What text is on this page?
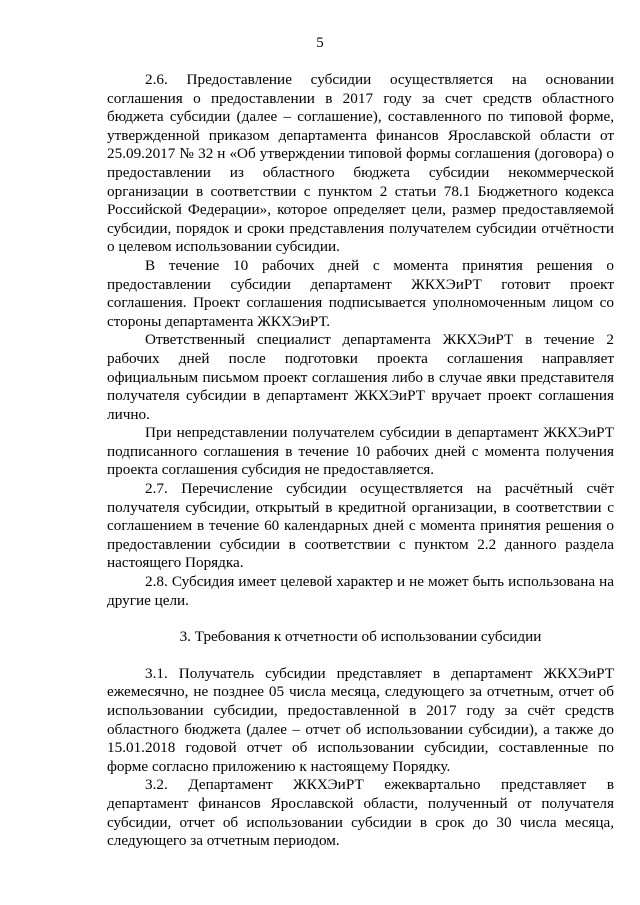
5

2.6. Предоставление субсидии осуществляется на основании соглашения о предоставлении в 2017 году за счет средств областного бюджета субсидии (далее – соглашение), составленного по типовой форме, утвержденной приказом департамента финансов Ярославской области от 25.09.2017 № 32 н «Об утверждении типовой формы соглашения (договора) о предоставлении из областного бюджета субсидии некоммерческой организации в соответствии с пунктом 2 статьи 78.1 Бюджетного кодекса Российской Федерации», которое определяет цели, размер предоставляемой субсидии, порядок и сроки представления получателем субсидии отчётности о целевом использовании субсидии.

В течение 10 рабочих дней с момента принятия решения о предоставлении субсидии департамент ЖКХЭиРТ готовит проект соглашения. Проект соглашения подписывается уполномоченным лицом со стороны департамента ЖКХЭиРТ.

Ответственный специалист департамента ЖКХЭиРТ в течение 2 рабочих дней после подготовки проекта соглашения направляет официальным письмом проект соглашения либо в случае явки представителя получателя субсидии в департамент ЖКХЭиРТ вручает проект соглашения лично.

При непредставлении получателем субсидии в департамент ЖКХЭиРТ подписанного соглашения в течение 10 рабочих дней с момента получения проекта соглашения субсидия не предоставляется.

2.7. Перечисление субсидии осуществляется на расчётный счёт получателя субсидии, открытый в кредитной организации, в соответствии с соглашением в течение 60 календарных дней с момента принятия решения о предоставлении субсидии в соответствии с пунктом 2.2 данного раздела настоящего Порядка.

2.8. Субсидия имеет целевой характер и не может быть использована на другие цели.

3. Требования к отчетности об использовании субсидии

3.1. Получатель субсидии представляет в департамент ЖКХЭиРТ ежемесячно, не позднее 05 числа месяца, следующего за отчетным, отчет об использовании субсидии, предоставленной в 2017 году за счёт средств областного бюджета (далее – отчет об использовании субсидии), а также до 15.01.2018 годовой отчет об использовании субсидии, составленные по форме согласно приложению к настоящему Порядку.

3.2. Департамент ЖКХЭиРТ ежеквартально представляет в департамент финансов Ярославской области, полученный от получателя субсидии, отчет об использовании субсидии в срок до 30 числа месяца, следующего за отчетным периодом.
